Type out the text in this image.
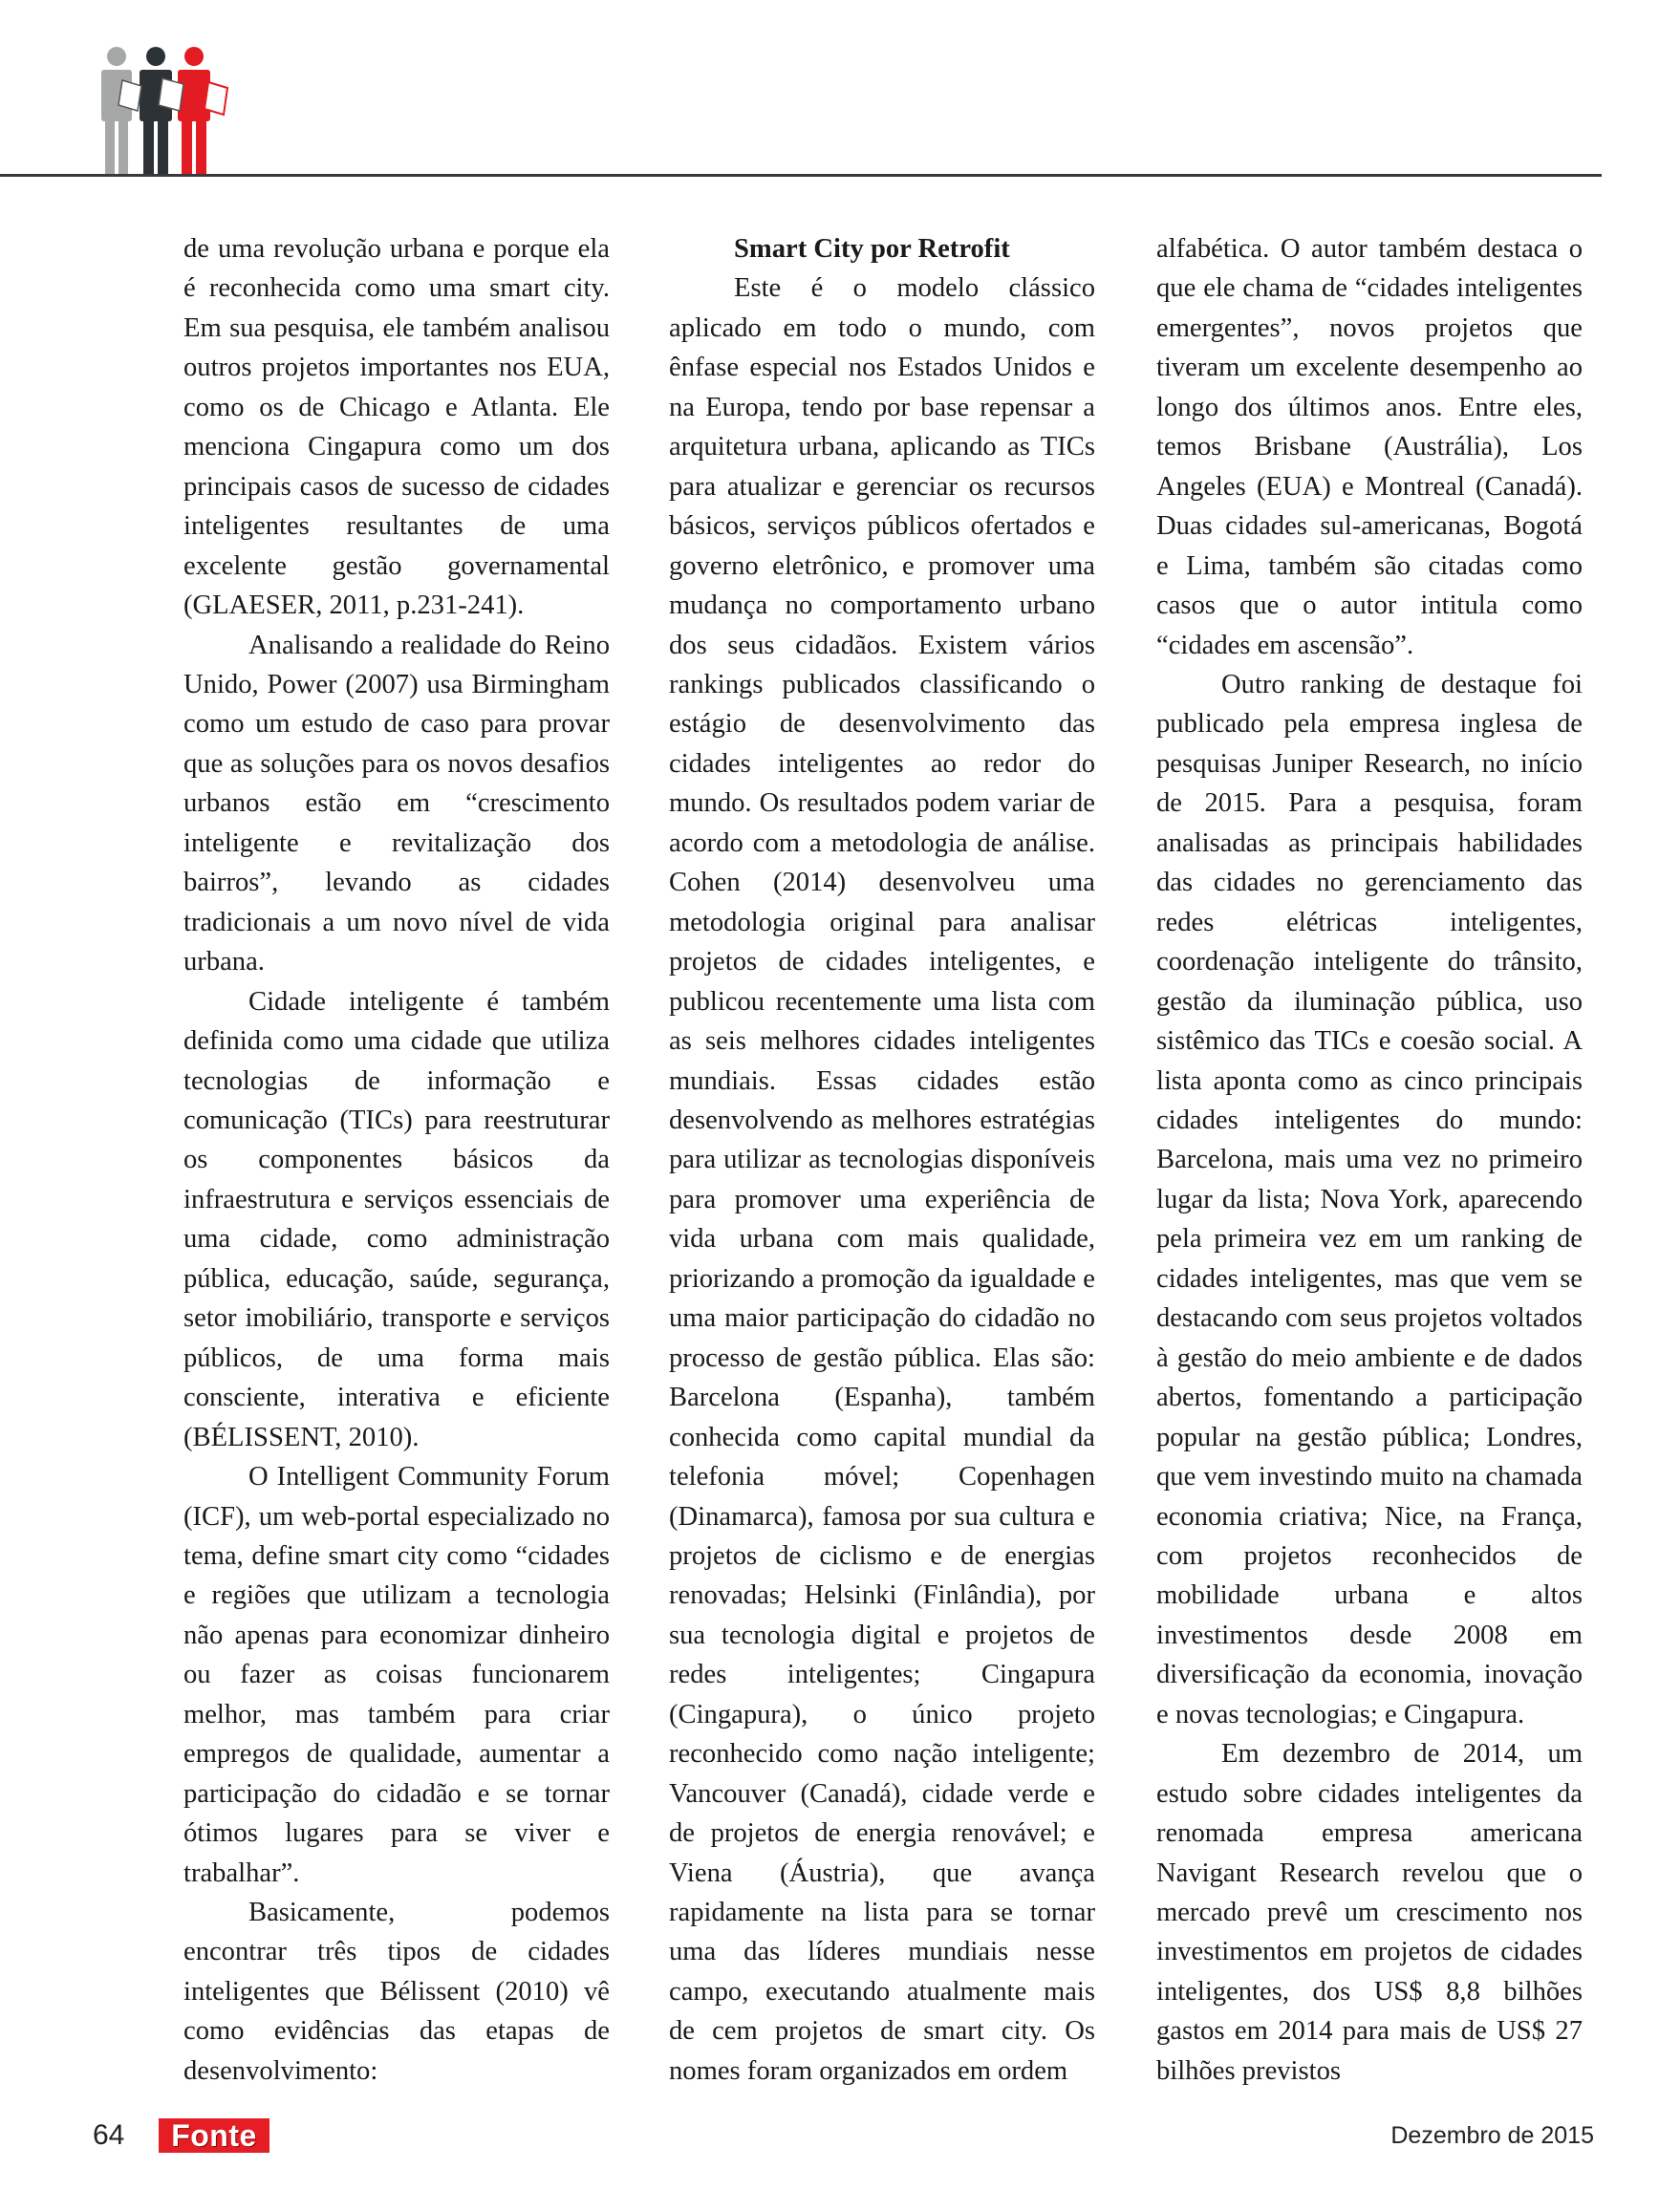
de uma revolução urbana e porque ela é reconhecida como uma smart city. Em sua pesquisa, ele também analisou outros projetos importantes nos EUA, como os de Chicago e Atlanta. Ele menciona Cingapura como um dos principais casos de sucesso de cidades inteligentes resultantes de uma excelente gestão governamental (GLAESER, 2011, p.231-241).

Analisando a realidade do Reino Unido, Power (2007) usa Birmingham como um estudo de caso para provar que as soluções para os novos desafios urbanos estão em “crescimento inteligente e revitalização dos bairros”, levando as cidades tradicionais a um novo nível de vida urbana.

Cidade inteligente é também definida como uma cidade que utiliza tecnologias de informação e comunicação (TICs) para reestruturar os componentes básicos da infraestrutura e serviços essenciais de uma cidade, como administração pública, educação, saúde, segurança, setor imobiliário, transporte e serviços públicos, de uma forma mais consciente, interativa e eficiente (BÉLISSENT, 2010).

O Intelligent Community Forum (ICF), um web-portal especializado no tema, define smart city como “cidades e regiões que utilizam a tecnologia não apenas para economizar dinheiro ou fazer as coisas funcionarem melhor, mas também para criar empregos de qualidade, aumentar a participação do cidadão e se tornar ótimos lugares para se viver e trabalhar”.

Basicamente, podemos encontrar três tipos de cidades inteligentes que Bélissent (2010) vê como evidências das etapas de desenvolvimento:

Smart City por Retrofit

Este é o modelo clássico aplicado em todo o mundo, com ênfase especial nos Estados Unidos e na Europa, tendo por base repensar a arquitetura urbana, aplicando as TICs para atualizar e gerenciar os recursos básicos, serviços públicos ofertados e governo eletrônico, e promover uma mudança no comportamento urbano dos seus cidadãos. Existem vários rankings publicados classificando o estágio de desenvolvimento das cidades inteligentes ao redor do mundo. Os resultados podem variar de acordo com a metodologia de análise. Cohen (2014) desenvolveu uma metodologia original para analisar projetos de cidades inteligentes, e publicou recentemente uma lista com as seis melhores cidades inteligentes mundiais. Essas cidades estão desenvolvendo as melhores estratégias para utilizar as tecnologias disponíveis para promover uma experiência de vida urbana com mais qualidade, priorizando a promoção da igualdade e uma maior participação do cidadão no processo de gestão pública. Elas são: Barcelona (Espanha), também conhecida como capital mundial da telefonia móvel; Copenhagen (Dinamarca), famosa por sua cultura e projetos de ciclismo e de energias renovadas; Helsinki (Finlândia), por sua tecnologia digital e projetos de redes inteligentes; Cingapura (Cingapura), o único projeto reconhecido como nação inteligente; Vancouver (Canadá), cidade verde e de projetos de energia renovável; e Viena (Áustria), que avança rapidamente na lista para se tornar uma das líderes mundiais nesse campo, executando atualmente mais de cem projetos de smart city. Os nomes foram organizados em ordem

alfabética. O autor também destaca o que ele chama de “cidades inteligentes emergentes”, novos projetos que tiveram um excelente desempenho ao longo dos últimos anos. Entre eles, temos Brisbane (Austrália), Los Angeles (EUA) e Montreal (Canadá). Duas cidades sul-americanas, Bogotá e Lima, também são citadas como casos que o autor intitula como “cidades em ascensão”.

Outro ranking de destaque foi publicado pela empresa inglesa de pesquisas Juniper Research, no início de 2015. Para a pesquisa, foram analisadas as principais habilidades das cidades no gerenciamento das redes elétricas inteligentes, coordenação inteligente do trânsito, gestão da iluminação pública, uso sistêmico das TICs e coesão social. A lista aponta como as cinco principais cidades inteligentes do mundo: Barcelona, mais uma vez no primeiro lugar da lista; Nova York, aparecendo pela primeira vez em um ranking de cidades inteligentes, mas que vem se destacando com seus projetos voltados à gestão do meio ambiente e de dados abertos, fomentando a participação popular na gestão pública; Londres, que vem investindo muito na chamada economia criativa; Nice, na França, com projetos reconhecidos de mobilidade urbana e altos investimentos desde 2008 em diversificação da economia, inovação e novas tecnologias; e Cingapura.

Em dezembro de 2014, um estudo sobre cidades inteligentes da renomada empresa americana Navigant Research revelou que o mercado prevê um crescimento nos investimentos em projetos de cidades inteligentes, dos US$ 8,8 bilhões gastos em 2014 para mais de US$ 27 bilhões previstos

64	Fonte	Dezembro de 2015
